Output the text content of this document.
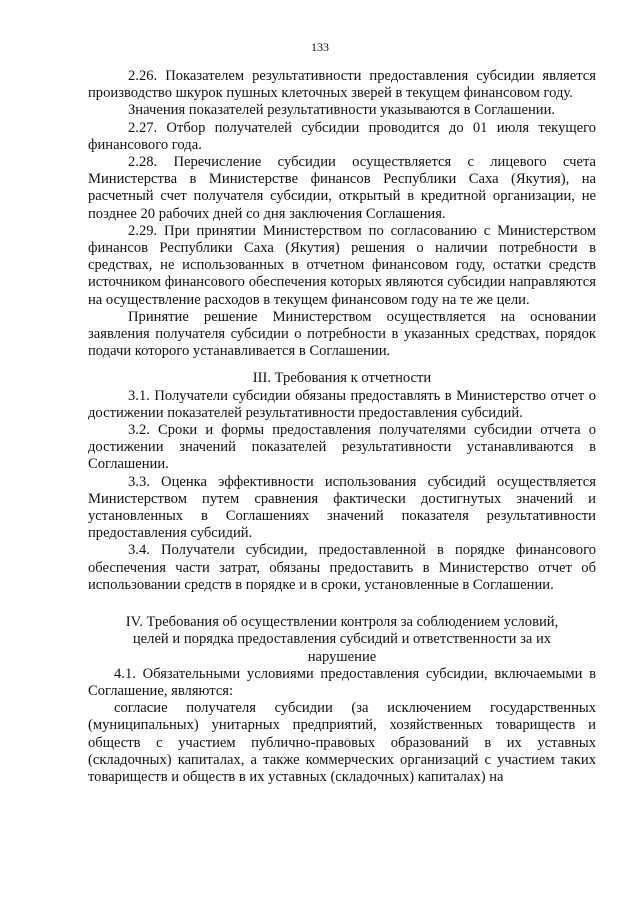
133

2.26. Показателем результативности предоставления субсидии является производство шкурок пушных клеточных зверей в текущем финансовом году.

Значения показателей результативности указываются в Соглашении.

2.27. Отбор получателей субсидии проводится до 01 июля текущего финансового года.

2.28. Перечисление субсидии осуществляется с лицевого счета Министерства в Министерстве финансов Республики Саха (Якутия), на расчетный счет получателя субсидии, открытый в кредитной организации, не позднее 20 рабочих дней со дня заключения Соглашения.

2.29. При принятии Министерством по согласованию с Министерством финансов Республики Саха (Якутия) решения о наличии потребности в средствах, не использованных в отчетном финансовом году, остатки средств источником финансового обеспечения которых являются субсидии направляются на осуществление расходов в текущем финансовом году на те же цели.

Принятие решение Министерством осуществляется на основании заявления получателя субсидии о потребности в указанных средствах, порядок подачи которого устанавливается в Соглашении.

III. Требования к отчетности

3.1. Получатели субсидии обязаны предоставлять в Министерство отчет о достижении показателей результативности предоставления субсидий.

3.2. Сроки и формы предоставления получателями субсидии отчета о достижении значений показателей результативности устанавливаются в Соглашении.

3.3. Оценка эффективности использования субсидий осуществляется Министерством путем сравнения фактически достигнутых значений и установленных в Соглашениях значений показателя результативности предоставления субсидий.

3.4. Получатели субсидии, предоставленной в порядке финансового обеспечения части затрат, обязаны предоставить в Министерство отчет об использовании средств в порядке и в сроки, установленные в Соглашении.

IV. Требования об осуществлении контроля за соблюдением условий,
целей и порядка предоставления субсидий и ответственности за их
нарушение

4.1. Обязательными условиями предоставления субсидии, включаемыми в Соглашение, являются:

согласие получателя субсидии (за исключением государственных (муниципальных) унитарных предприятий, хозяйственных товариществ и обществ с участием публично-правовых образований в их уставных (складочных) капиталах, а также коммерческих организаций с участием таких товариществ и обществ в их уставных (складочных) капиталах) на
